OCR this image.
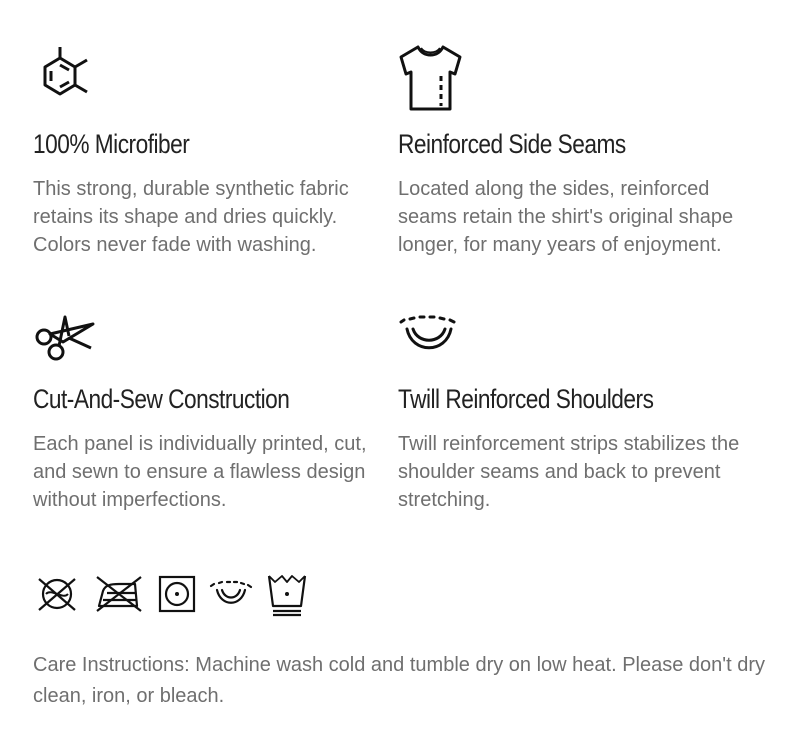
100% Microfiber

This strong, durable synthetic fabric retains its shape and dries quickly. Colors never fade with washing.

Reinforced Side Seams

Located along the sides, reinforced seams retain the shirt's original shape longer, for many years of enjoyment.

Cut-And-Sew Construction

Each panel is individually printed, cut, and sewn to ensure a flawless design without imperfections.

Twill Reinforced Shoulders

Twill reinforcement strips stabilizes the shoulder seams and back to prevent stretching.

Care Instructions: Machine wash cold and tumble dry on low heat. Please don't dry clean, iron, or bleach.
